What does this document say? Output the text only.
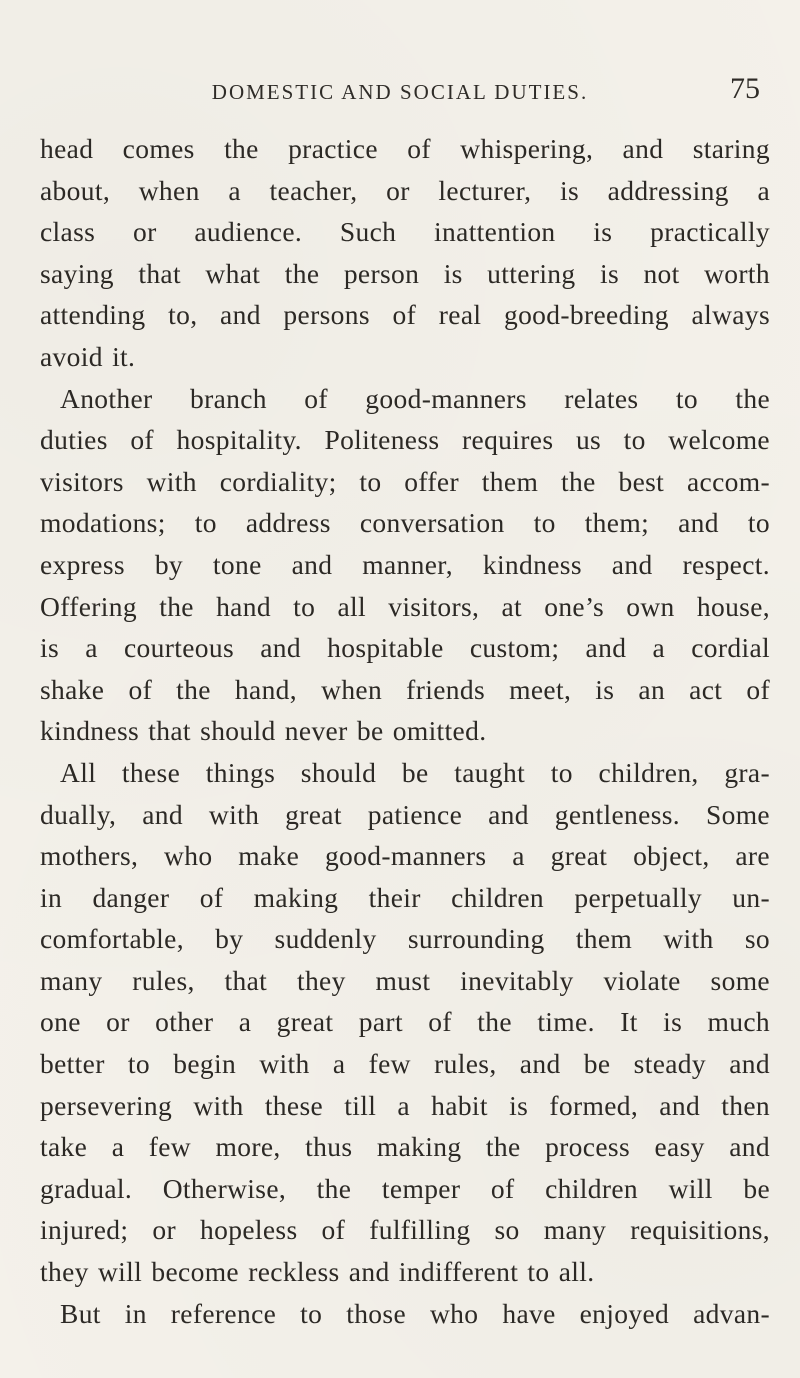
DOMESTIC AND SOCIAL DUTIES.	75
head comes the practice of whispering, and staring
about, when a teacher, or lecturer, is addressing a
class or audience. Such inattention is practically
saying that what the person is uttering is not worth
attending to, and persons of real good-breeding always
avoid it.
Another branch of good-manners relates to the
duties of hospitality. Politeness requires us to welcome
visitors with cordiality; to offer them the best accom-
modations; to address conversation to them; and to
express by tone and manner, kindness and respect.
Offering the hand to all visitors, at one’s own house,
is a courteous and hospitable custom; and a cordial
shake of the hand, when friends meet, is an act of
kindness that should never be omitted.
All these things should be taught to children, gra-
dually, and with great patience and gentleness. Some
mothers, who make good-manners a great object, are
in danger of making their children perpetually un-
comfortable, by suddenly surrounding them with so
many rules, that they must inevitably violate some
one or other a great part of the time. It is much
better to begin with a few rules, and be steady and
persevering with these till a habit is formed, and then
take a few more, thus making the process easy and
gradual. Otherwise, the temper of children will be
injured; or hopeless of fulfilling so many requisitions,
they will become reckless and indifferent to all.
But in reference to those who have enjoyed advan-
